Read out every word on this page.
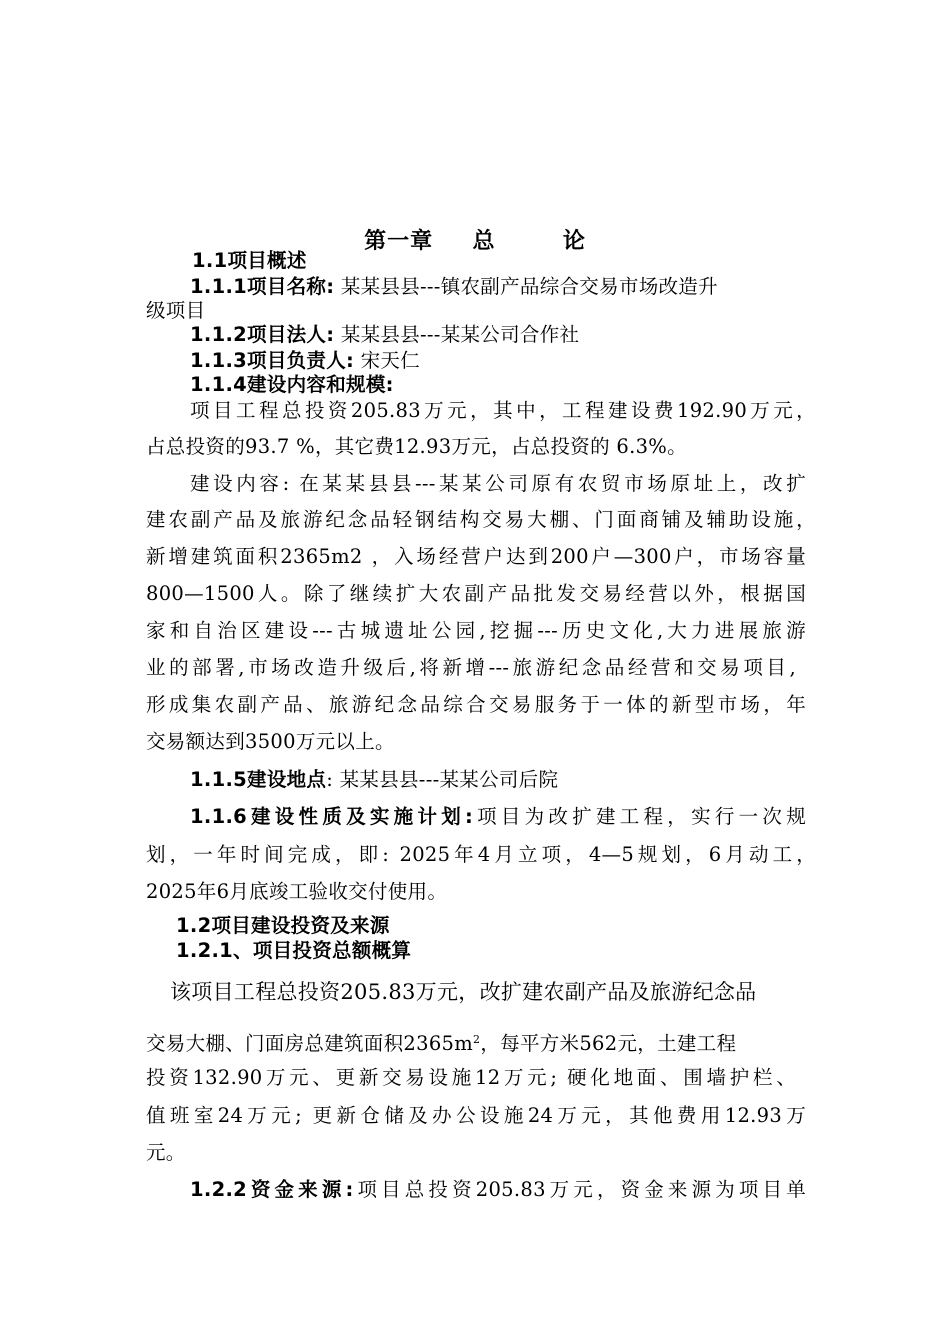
第一章 总	论
1.1项目概述
1.1.1项目名称: 某某县县---镇农副产品综合交易市场改造升
级项目
1.1.2项目法人: 某某县县---某某公司合作社
1.1.3项目负责人: 宋天仁
1.1.4建设内容和规模:
项目工程总投资205.83万元，其中，工程建设费192.90万元，
占总投资的93.7 %，其它费12.93万元，占总投资的 6.3%。
建设内容: 在某某县县---某某公司原有农贸市场原址上，改扩
建农副产品及旅游纪念品轻钢结构交易大棚、门面商铺及辅助设施，
新增建筑面积2365m2 ，入场经营户达到200户—300户，市场容量
800—1500人。除了继续扩大农副产品批发交易经营以外，根据国
家和自治区建设---古城遗址公园,挖掘---历史文化,大力进展旅游
业的部署,市场改造升级后,将新增---旅游纪念品经营和交易项目,
形成集农副产品、旅游纪念品综合交易服务于一体的新型市场，年
交易额达到3500万元以上。
1.1.5建设地点: 某某县县---某某公司后院
1.1.6建设性质及实施计划:项目为改扩建工程，实行一次规
划，一年时间完成，即: 2025年4月立项，4—5规划，6月动工，
2025年6月底竣工验收交付使用。
1.2项目建设投资及来源
1.2.1、项目投资总额概算
该项目工程总投资205.83万元，改扩建农副产品及旅游纪念品
交易大棚、门面房总建筑面积$2365m^2$，每平方米562元，土建工程
投资132.90万元、更新交易设施12万元; 硬化地面、围墙护栏、
值班室24万元; 更新仓储及办公设施24万元，其他费用12.93万
元。
1.2.2资金来源:项目总投资205.83万元，资金来源为项目单
